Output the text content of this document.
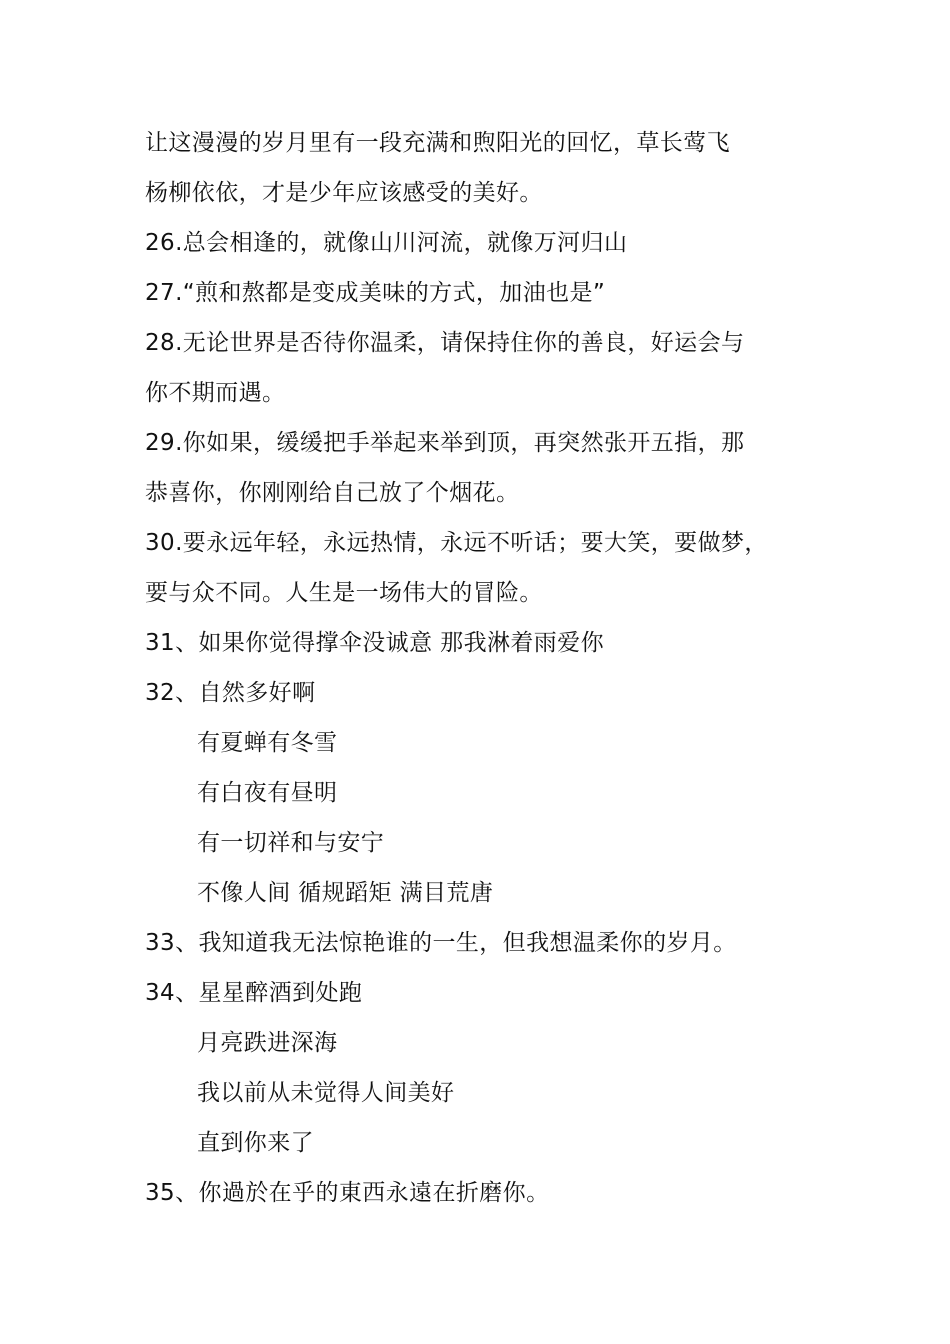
让这漫漫的岁月里有一段充满和煦阳光的回忆，草长莺飞
杨柳依依，才是少年应该感受的美好。
26.总会相逢的，就像山川河流，就像万河归山
27.“煎和熬都是变成美味的方式，加油也是”
28.无论世界是否待你温柔，请保持住你的善良，好运会与
你不期而遇。
29.你如果，缓缓把手举起来举到顶，再突然张开五指，那
恭喜你，你刚刚给自己放了个烟花。
30.要永远年轻，永远热情，永远不听话；要大笑，要做梦，
要与众不同。人生是一场伟大的冒险。
31、如果你觉得撑伞没诚意 那我淋着雨爱你
32、自然多好啊
有夏蝉有冬雪
有白夜有昼明
有一切祥和与安宁
不像人间 循规蹈矩 满目荒唐
33、我知道我无法惊艳谁的一生，但我想温柔你的岁月。
34、星星醉酒到处跑
月亮跌进深海
我以前从未觉得人间美好
直到你来了
35、你過於在乎的東西永遠在折磨你。
